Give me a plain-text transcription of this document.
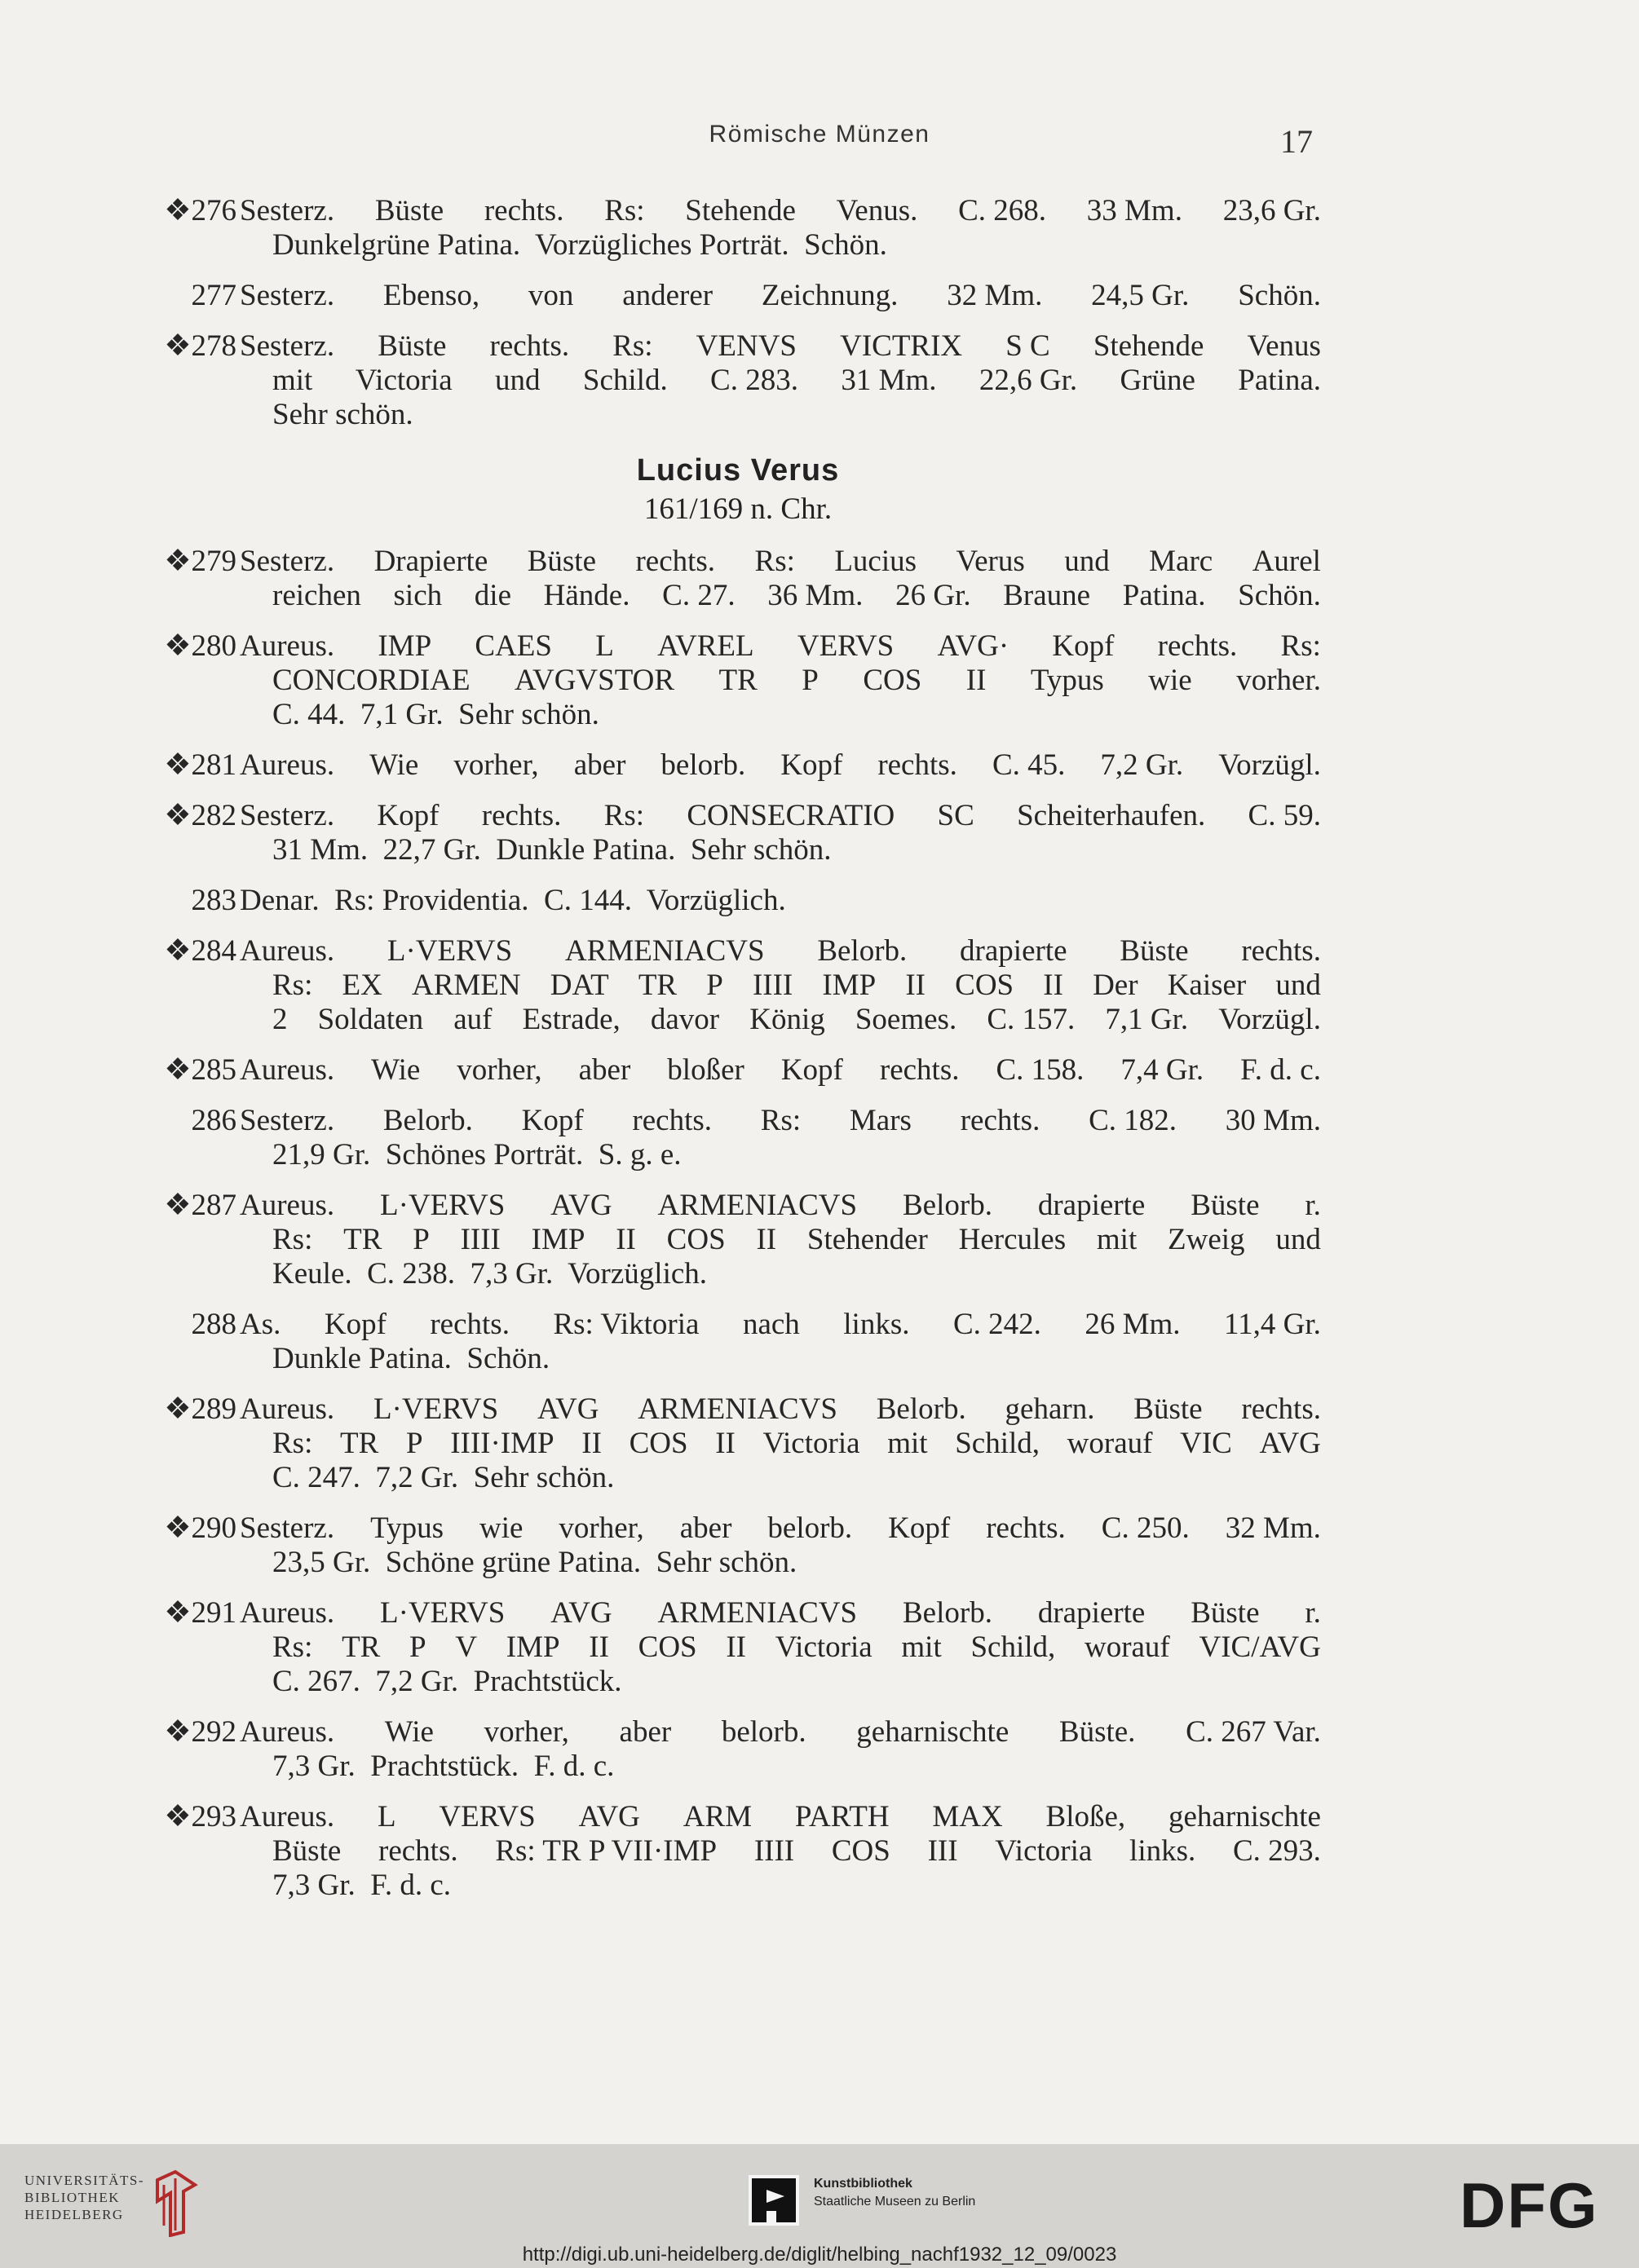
Römische Münzen	17
❖276 Sesterz. Büste rechts. Rs: Stehende Venus. C. 268. 33 Mm. 23,6 Gr.
Dunkelgrüne Patina.  Vorzügliches Porträt.  Schön.
277 Sesterz. Ebenso, von anderer Zeichnung. 32 Mm. 24,5 Gr. Schön.
❖278 Sesterz. Büste rechts. Rs: VENVS VICTRIX S C Stehende Venus
mit Victoria und Schild. C. 283. 31 Mm. 22,6 Gr. Grüne Patina.
Sehr schön.
Lucius Verus
161/169 n. Chr.
❖279 Sesterz. Drapierte Büste rechts. Rs: Lucius Verus und Marc Aurel
reichen sich die Hände. C. 27. 36 Mm. 26 Gr. Braune Patina. Schön.
❖280 Aureus. IMP CAES L AVREL VERVS AVG· Kopf rechts. Rs:
CONCORDIAE AVGVSTOR TR P COS II Typus wie vorher.
C. 44.  7,1 Gr.  Sehr schön.
❖281 Aureus. Wie vorher, aber belorb. Kopf rechts. C. 45. 7,2 Gr. Vorzügl.
❖282 Sesterz. Kopf rechts. Rs: CONSECRATIO SC Scheiterhaufen. C. 59.
31 Mm.  22,7 Gr.  Dunkle Patina.  Sehr schön.
283 Denar.  Rs: Providentia.  C. 144.  Vorzüglich.
❖284 Aureus. L·VERVS ARMENIACVS Belorb. drapierte Büste rechts.
Rs: EX ARMEN DAT TR P IIII IMP II COS II Der Kaiser und
2 Soldaten auf Estrade, davor König Soemes. C. 157. 7,1 Gr. Vorzügl.
❖285 Aureus. Wie vorher, aber bloßer Kopf rechts. C. 158. 7,4 Gr. F. d. c.
286 Sesterz. Belorb. Kopf rechts. Rs: Mars rechts. C. 182. 30 Mm.
21,9 Gr.  Schönes Porträt.  S. g. e.
❖287 Aureus. L·VERVS AVG ARMENIACVS Belorb. drapierte Büste r.
Rs: TR P IIII IMP II COS II Stehender Hercules mit Zweig und
Keule.  C. 238.  7,3 Gr.  Vorzüglich.
288 As. Kopf rechts. Rs: Viktoria nach links. C. 242. 26 Mm. 11,4 Gr.
Dunkle Patina.  Schön.
❖289 Aureus. L·VERVS AVG ARMENIACVS Belorb. geharn. Büste rechts.
Rs: TR P IIII·IMP II COS II Victoria mit Schild, worauf VIC AVG
C. 247.  7,2 Gr.  Sehr schön.
❖290 Sesterz. Typus wie vorher, aber belorb. Kopf rechts. C. 250. 32 Mm.
23,5 Gr.  Schöne grüne Patina.  Sehr schön.
❖291 Aureus. L·VERVS AVG ARMENIACVS Belorb. drapierte Büste r.
Rs: TR P V IMP II COS II Victoria mit Schild, worauf VIC/AVG
C. 267.  7,2 Gr.  Prachtstück.
❖292 Aureus. Wie vorher, aber belorb. geharnischte Büste. C. 267 Var.
7,3 Gr.  Prachtstück.  F. d. c.
❖293 Aureus. L VERVS AVG ARM PARTH MAX Bloße, geharnischte
Büste rechts. Rs: TR P VII·IMP IIII COS III Victoria links. C. 293.
7,3 Gr.  F. d. c.
UNIVERSITÄTS-
BIBLIOTHEK
HEIDELBERG
Kunstbibliothek
Staatliche Museen zu Berlin	DFG
http://digi.ub.uni-heidelberg.de/diglit/helbing_nachf1932_12_09/0023
